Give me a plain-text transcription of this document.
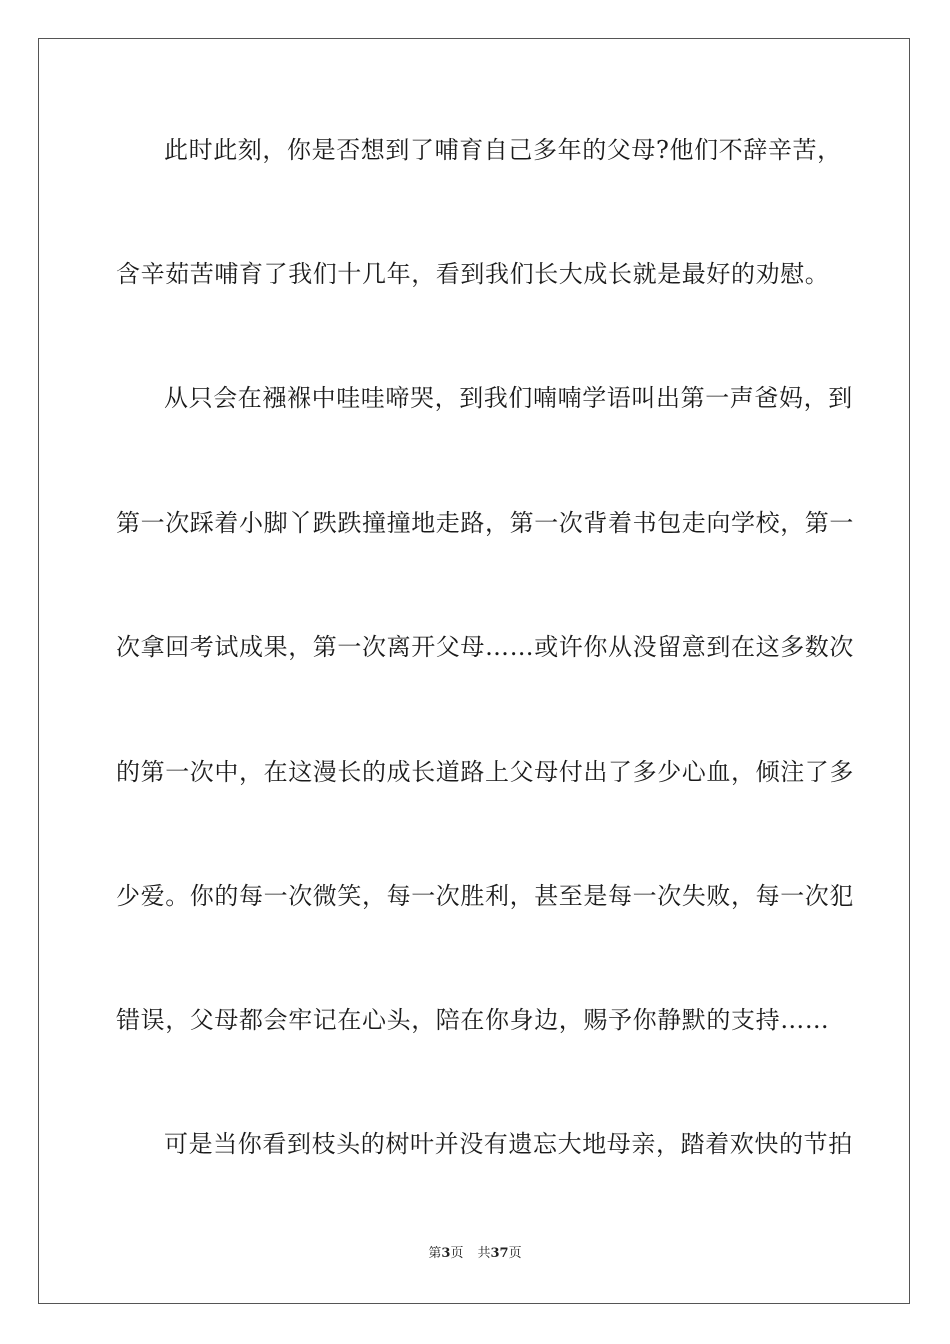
此时此刻，你是否想到了哺育自己多年的父母?他们不辞辛苦，
含辛茹苦哺育了我们十几年，看到我们长大成长就是最好的劝慰。
从只会在襁褓中哇哇啼哭，到我们喃喃学语叫出第一声爸妈，到
第一次踩着小脚丫跌跌撞撞地走路，第一次背着书包走向学校，第一
次拿回考试成果，第一次离开父母……或许你从没留意到在这多数次
的第一次中，在这漫长的成长道路上父母付出了多少心血，倾注了多
少爱。你的每一次微笑，每一次胜利，甚至是每一次失败，每一次犯
错误，父母都会牢记在心头，陪在你身边，赐予你静默的支持……
可是当你看到枝头的树叶并没有遗忘大地母亲，踏着欢快的节拍
第3页 共37页
